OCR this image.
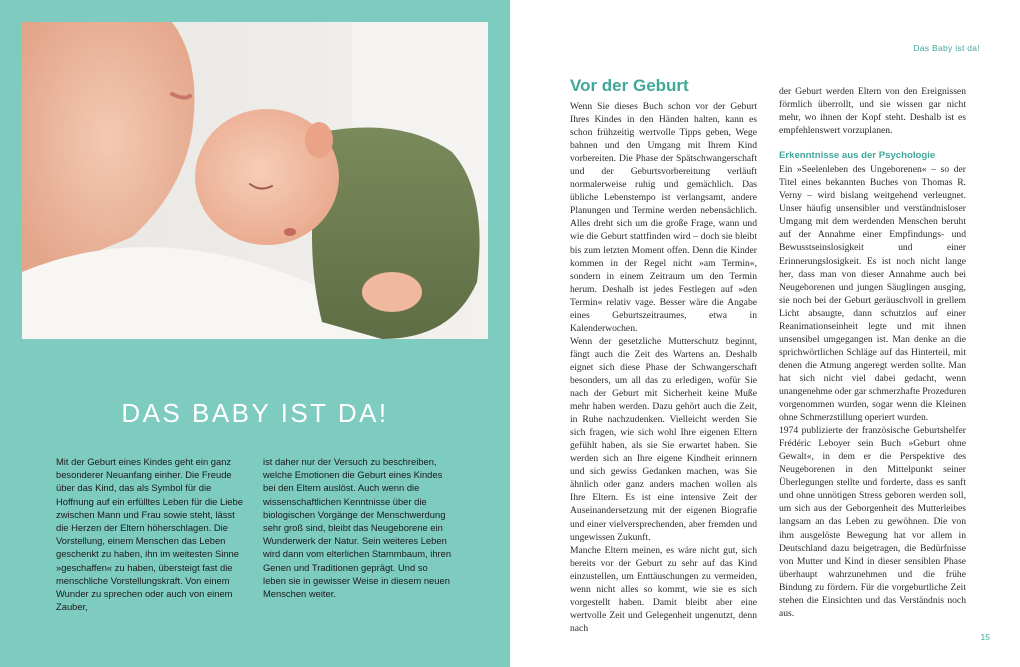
DAS BABY IST DA!
Mit der Geburt eines Kindes geht ein ganz besonderer Neuanfang einher. Die Freude über das Kind, das als Symbol für die Hoffnung auf ein erfülltes Leben für die Liebe zwischen Mann und Frau sowie steht, lässt die Herzen der Eltern höherschlagen. Die Vorstellung, einem Menschen das Leben geschenkt zu haben, ihn im weitesten Sinne »geschaffen« zu haben, übersteigt fast die menschliche Vorstellungskraft. Von einem Wunder zu sprechen oder auch von einem Zauber,
ist daher nur der Versuch zu beschreiben, welche Emotionen die Geburt eines Kindes bei den Eltern auslöst. Auch wenn die wissenschaftlichen Kenntnisse über die biologischen Vorgänge der Menschwerdung sehr groß sind, bleibt das Neugeborene ein Wunderwerk der Natur. Sein weiteres Leben wird dann vom elterlichen Stammbaum, ihren Genen und Traditionen geprägt. Und so leben sie in gewisser Weise in diesem neuen Menschen weiter.
Das Baby ist da!
Vor der Geburt

Wenn Sie dieses Buch schon vor der Geburt Ihres Kindes in den Händen halten, kann es schon frühzeitig wertvolle Tipps geben, Wege bahnen und den Umgang mit Ihrem Kind vorbereiten. Die Phase der Spätschwangerschaft und der Geburtsvorbereitung verläuft normalerweise ruhig und gemächlich. Das übliche Lebenstempo ist verlangsamt, andere Planungen und Termine werden nebensächlich. Alles dreht sich um die große Frage, wann und wie die Geburt stattfinden wird – doch sie bleibt bis zum letzten Moment offen. Denn die Kinder kommen in der Regel nicht »am Termin«, sondern in einem Zeitraum um den Termin herum. Deshalb ist jedes Festlegen auf »den Termin« relativ vage. Besser wäre die Angabe eines Geburtszeitraumes, etwa in Kalenderwochen.

Wenn der gesetzliche Mutterschutz beginnt, fängt auch die Zeit des Wartens an. Deshalb eignet sich diese Phase der Schwangerschaft besonders, um all das zu erledigen, wofür Sie nach der Geburt mit Sicherheit keine Muße mehr haben werden. Dazu gehört auch die Zeit, in Ruhe nachzudenken. Vielleicht werden Sie sich fragen, wie sich wohl Ihre eigenen Eltern gefühlt haben, als sie Sie erwartet haben. Sie werden sich an Ihre eigene Kindheit erinnern und sich gewiss Gedanken machen, was Sie ähnlich oder ganz anders machen wollen als Ihre Eltern. Es ist eine intensive Zeit der Auseinandersetzung mit der eigenen Biografie und einer vielversprechenden, aber fremden und ungewissen Zukunft.

Manche Eltern meinen, es wäre nicht gut, sich bereits vor der Geburt zu sehr auf das Kind einzustellen, um Enttäuschungen zu vermeiden, wenn nicht alles so kommt, wie sie es sich vorgestellt haben. Damit bleibt aber eine wertvolle Zeit und Gelegenheit ungenutzt, denn nach

der Geburt werden Eltern von den Ereignissen förmlich überrollt, und sie wissen gar nicht mehr, wo ihnen der Kopf steht. Deshalb ist es empfehlenswert vorzuplanen.

Erkenntnisse aus der Psychologie

Ein »Seelenleben des Ungeborenen« – so der Titel eines bekannten Buches von Thomas R. Verny – wird bislang weitgehend verleugnet. Unser häufig unsensibler und verständnisloser Umgang mit dem werdenden Menschen beruht auf der Annahme einer Empfindungs- und Bewusstseinslosigkeit und einer Erinnerungslosigkeit. Es ist noch nicht lange her, dass man von dieser Annahme auch bei Neugeborenen und jungen Säuglingen ausging, sie noch bei der Geburt geräuschvoll in grellem Licht absaugte, dann schutzlos auf einer Reanimationseinheit legte und mit ihnen unsensibel umgegangen ist. Man denke an die sprichwörtlichen Schläge auf das Hinterteil, mit denen die Atmung angeregt werden sollte. Man hat sich nicht viel dabei gedacht, wenn unangenehme oder gar schmerzhafte Prozeduren vorgenommen wurden, sogar wenn die Kleinen ohne Schmerzstillung operiert wurden.

1974 publizierte der französische Geburtshelfer Frédéric Leboyer sein Buch »Geburt ohne Gewalt«, in dem er die Perspektive des Neugeborenen in den Mittelpunkt seiner Überlegungen stellte und forderte, dass es sanft und ohne unnötigen Stress geboren werden soll, um sich aus der Geborgenheit des Mutterleibes langsam an das Leben zu gewöhnen. Die von ihm ausgelöste Bewegung hat vor allem in Deutschland dazu beigetragen, die Bedürfnisse von Mutter und Kind in dieser sensiblen Phase überhaupt wahrzunehmen und die frühe Bindung zu fördern. Für die vorgeburtliche Zeit stehen die Einsichten und das Verständnis noch aus.

15
